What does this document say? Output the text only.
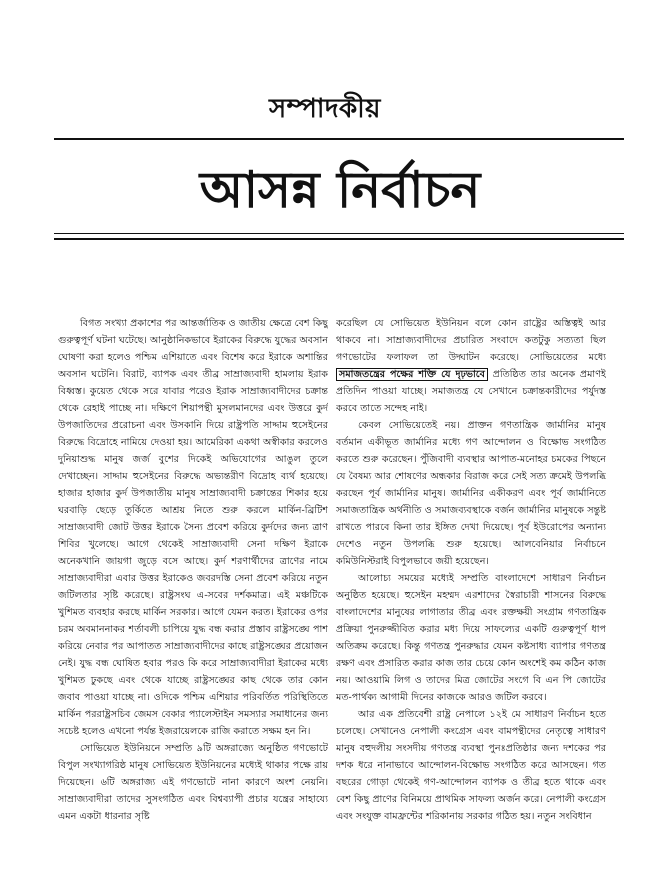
সম্পাদকীয়
আসন্ন নির্বাচন

বিগত সংখ্যা প্রকাশের পর আন্তর্জাতিক ও জাতীয় ক্ষেত্রে বেশ কিছু গুরুত্বপূর্ণ ঘটনা ঘটেছে। আনুষ্ঠানিকভাবে ইরাকের বিরুদ্ধে যুদ্ধের অবসান ঘোষণা করা হলেও পশ্চিম এশিয়াতে এবং বিশেষ করে ইরাকে অশান্তির অবসান ঘটেনি। বিরাট, ব্যাপক এবং তীব্র সাম্রাজ্যবাদী হামলায় ইরাক বিধ্বস্ত। কুয়েত থেকে সরে যাবার পরেও ইরাক সাম্রাজ্যবাদীদের চক্রান্ত থেকে রেহাই পাচ্ছে না। দক্ষিণে শিয়াপন্থী মুসলমানদের এবং উত্তরে কুর্দ উপজাতিদের প্ররোচনা এবং উসকানি দিয়ে রাষ্ট্রপতি সাদ্দাম হুসেইনের বিরুদ্ধে বিদ্রোহে নামিয়ে দেওয়া হয়। আমেরিকা একথা অস্বীকার করলেও দুনিয়াশুদ্ধ মানুষ জর্জ বুশের দিকেই অভিযোগের আঙুল তুলে দেখাচ্ছেন। সাদ্দাম হুসেইনের বিরুদ্ধে অভ্যন্তরীণ বিদ্রোহ ব্যর্থ হয়েছে। হাজার হাজার কুর্দ উপজাতীয় মানুষ সাম্রাজ্যবাদী চক্রান্তের শিকার হয়ে ঘরবাড়ি ছেড়ে তুর্কিতে আশ্রয় নিতে শুরু করলে মার্কিন-ব্রিটিশ সাম্রাজ্যবাদী জোট উত্তর ইরাকে সৈন্য প্রবেশ করিয়ে কুর্দদের জন্য ত্রাণ শিবির খুলেছে। আগে থেকেই সাম্রাজ্যবাদী সেনা দক্ষিণ ইরাকে অনেকখানি জায়গা জুড়ে বসে আছে। কুর্দ শরণার্থীদের ত্রাণের নামে সাম্রাজ্যবাদীরা এবার উত্তর ইরাকেও জবরদস্তি সেনা প্রবেশ করিয়ে নতুন জটিলতার সৃষ্টি করেছে। রাষ্ট্রসংঘ এ-সবের দর্শকমাত্র। এই মঞ্চটিকে খুশিমত ব্যবহার করছে মার্কিন সরকার। আগে যেমন করত। ইরাকের ওপর চরম অবমাননাকর শর্তাবলী চাপিয়ে যুদ্ধ বন্ধ করার প্রস্তাব রাষ্ট্রসঙ্ঘে পাশ করিয়ে নেবার পর আপাতত সাম্রাজ্যবাদীদের কাছে রাষ্ট্রসঙ্ঘের প্রয়োজন নেই। যুদ্ধ বন্ধ ঘোষিত হবার পরও কি করে সাম্রাজ্যবাদীরা ইরাকের মধ্যে খুশিমত ঢুকছে এবং থেকে যাচ্ছে রাষ্ট্রসঙ্ঘের কাছ থেকে তার কোন জবাব পাওয়া যাচ্ছে না। ওদিকে পশ্চিম এশিয়ার পরিবর্তিত পরিস্থিতিতে মার্কিন পররাষ্ট্রসচিব জেমস বেকার প্যালেস্টাইন সমস্যার সমাধানের জন্য সচেষ্ট হলেও এখনো পর্যন্ত ইজরায়েলকে রাজি করাতে সক্ষম হন নি।

সোভিয়েত ইউনিয়নে সম্প্রতি ৯টি অঙ্গরাজ্যে অনুষ্ঠিত গণভোটে বিপুল সংখ্যাগরিষ্ঠ মানুষ সোভিয়েত ইউনিয়নের মধ্যেই থাকার পক্ষে রায় দিয়েছেন। ৬টি অঙ্গরাজ্য এই গণভোটে নানা কারণে অংশ নেয়নি। সাম্রাজ্যবাদীরা তাদের সুসংগঠিত এবং বিশ্বব্যাপী প্রচার যন্ত্রের সাহায্যে এমন একটা ধারনার সৃষ্টি

করেছিল যে সোভিয়েত ইউনিয়ন বলে কোন রাষ্ট্রের অস্তিত্বই আর থাকবে না। সাম্রাজ্যবাদীদের প্রচারিত সংবাদে কতটুকু সত্যতা ছিল গণভোটের ফলাফল তা উদ্ঘাটন করেছে। সোভিয়েতের মধ্যে সমাজতন্ত্রের পক্ষের শক্তি যে দৃঢ়ভাবে প্রতিষ্ঠিত তার অনেক প্রমাণই প্রতিদিন পাওয়া যাচ্ছে। সমাজতন্ত্র যে সেখানে চক্রান্তকারীদের পর্যুদস্ত করবে তাতে সন্দেহ নাই।

কেবল সোভিয়েতেই নয়। প্রাক্তন গণতান্ত্রিক জার্মানির মানুষ বর্তমান একীভূত জার্মানির মধ্যে গণ আন্দোলন ও বিক্ষোভ সংগঠিত করতে শুরু করেছেন। পুঁজিবাদী ব্যবস্থার আপাত-মনোহর চমকের পিছনে যে বৈষম্য আর শোষণের অন্ধকার বিরাজ করে সেই সত্য ক্রমেই উপলব্ধি করছেন পূর্ব জার্মানির মানুষ। জার্মানির একীকরণ এবং পূর্ব জার্মানিতে সমাজতান্ত্রিক অর্থনীতি ও সমাজব্যবস্থাকে বর্জন জার্মানির মানুষকে সন্তুষ্ট রাখতে পারবে কিনা তার ইঙ্গিত দেখা দিয়েছে। পূর্ব ইউরোপের অন্যান্য দেশেও নতুন উপলব্ধি শুরু হয়েছে। আলবেনিয়ার নির্বাচনে কমিউনিস্টরাই বিপুলভাবে জয়ী হয়েছেন।

আলোচ্য সময়ের মধ্যেই সম্প্রতি বাংলাদেশে সাধারণ নির্বাচন অনুষ্ঠিত হয়েছে। হুসেইন মহম্মদ এরশাদের স্বৈরাচারী শাসনের বিরুদ্ধে বাংলাদেশের মানুষের লাগাতার তীব্র এবং রক্তক্ষয়ী সংগ্রাম গণতান্ত্রিক প্রক্রিয়া পুনরুজ্জীবিত করার মধ্য দিয়ে সাফল্যের একটি গুরুত্বপূর্ণ ধাপ অতিক্রম করেছে। কিন্তু গণতন্ত্র পুনরুদ্ধার যেমন কষ্টসাধ্য ব্যাপার গণতন্ত্র রক্ষণ এবং প্রসারিত করার কাজ তার চেয়ে কোন অংশেই কম কঠিন কাজ নয়। আওয়ামি লিগ ও তাদের মিত্র জোটের সংগে বি এন পি জোটের মত-পার্থক্য আগামী দিনের কাজকে আরও জটিল করবে।

আর এক প্রতিবেশী রাষ্ট্র নেপালে ১২ই মে সাধারণ নির্বাচন হতে চলেছে। সেখানেও নেপালী কংগ্রেস এবং বামপন্থীদের নেতৃত্বে সাধারণ মানুষ বহুদলীয় সংসদীয় গণতন্ত্র ব্যবস্থা পুনঃপ্রতিষ্ঠার জন্য দশকের পর দশক ধরে নানাভাবে আন্দোলন-বিক্ষোভ সংগঠিত করে আসছেন। গত বছরের গোড়া থেকেই গণ-আন্দোলন ব্যাপক ও তীব্র হতে থাকে এবং বেশ কিছু প্রাণের বিনিময়ে প্রাথমিক সাফল্য অর্জন করে। নেপালী কংগ্রেস এবং সংযুক্ত বামফ্রন্টের শরিকানায় সরকার গঠিত হয়। নতুন সংবিধান
